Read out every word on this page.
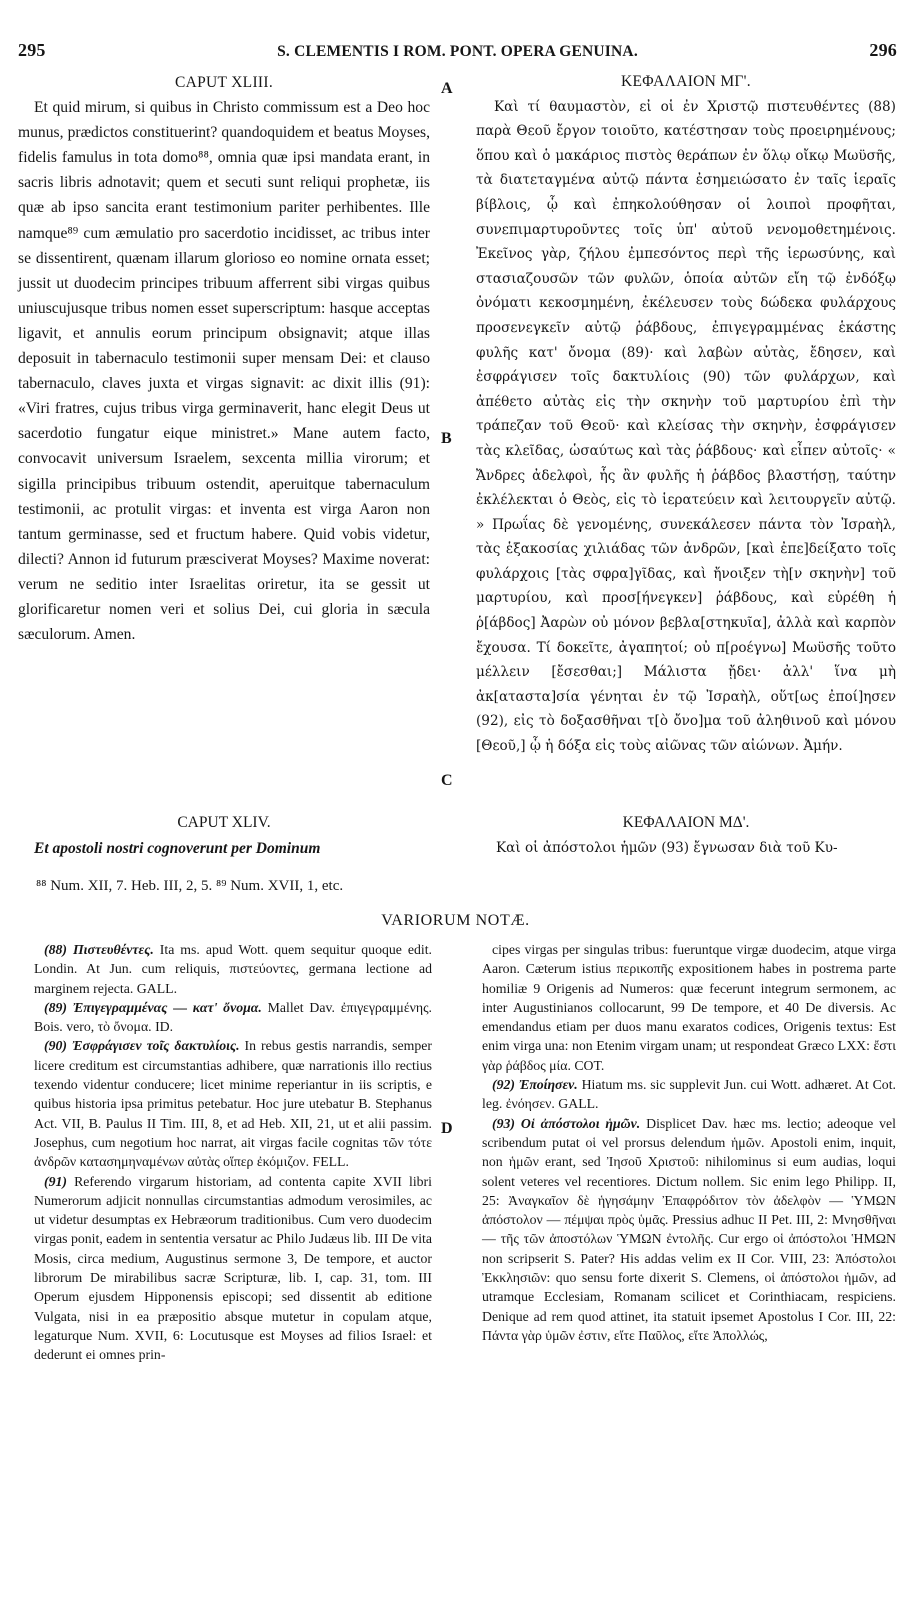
295	S. CLEMENTIS I ROM. PONT. OPERA GENUINA.	296
A
B
C
D

CAPUT XLIII.

Et quid mirum, si quibus in Christo commissum est a Deo hoc munus, prædictos constituerint? quandoquidem et beatus Moyses, fidelis famulus in tota domo⁸⁸, omnia quæ ipsi mandata erant, in sacris libris adnotavit; quem et secuti sunt reliqui prophetæ, iis quæ ab ipso sancita erant testimonium pariter perhibentes. Ille namque⁸⁹ cum æmulatio pro sacerdotio incidisset, ac tribus inter se dissentirent, quænam illarum glorioso eo nomine ornata esset; jussit ut duodecim principes tribuum afferrent sibi virgas quibus uniuscujusque tribus nomen esset superscriptum: hasque acceptas ligavit, et annulis eorum principum obsignavit; atque illas deposuit in tabernaculo testimonii super mensam Dei: et clauso tabernaculo, claves juxta et virgas signavit: ac dixit illis (91): «Viri fratres, cujus tribus virga germinaverit, hanc elegit Deus ut sacerdotio fungatur eique ministret.» Mane autem facto, convocavit universum Israelem, sexcenta millia virorum; et sigilla principibus tribuum ostendit, aperuitque tabernaculum testimonii, ac protulit virgas: et inventa est virga Aaron non tantum germinasse, sed et fructum habere. Quid vobis videtur, dilecti? Annon id futurum præsciverat Moyses? Maxime noverat: verum ne seditio inter Israelitas oriretur, ita se gessit ut glorificaretur nomen veri et solius Dei, cui gloria in sæcula sæculorum. Amen.

ΚΕΦΑΛΑΙΟΝ ΜΓ'.

Καὶ τί θαυμαστὸν, εἰ οἱ ἐν Χριστῷ πιστευθέντες (88) παρὰ Θεοῦ ἔργον τοιοῦτο, κατέστησαν τοὺς προειρημένους; ὅπου καὶ ὁ μακάριος πιστὸς θεράπων ἐν ὅλῳ οἴκῳ Μωϋσῆς, τὰ διατεταγμένα αὐτῷ πάντα ἐσημειώσατο ἐν ταῖς ἱεραῖς βίβλοις, ᾧ καὶ ἐπηκολούθησαν οἱ λοιποὶ προφῆται, συνεπιμαρτυροῦντες τοῖς ὑπ' αὐτοῦ νενομοθετημένοις. Ἐκεῖνος γὰρ, ζήλου ἐμπεσόντος περὶ τῆς ἱερωσύνης, καὶ στασιαζουσῶν τῶν φυλῶν, ὁποία αὐτῶν εἴη τῷ ἐνδόξῳ ὀνόματι κεκοσμημένη, ἐκέλευσεν τοὺς δώδεκα φυλάρχους προσενεγκεῖν αὐτῷ ῥάβδους, ἐπιγεγραμμένας ἑκάστης φυλῆς κατ' ὄνομα (89)· καὶ λαβὼν αὐτὰς, ἔδησεν, καὶ ἐσφράγισεν τοῖς δακτυλίοις (90) τῶν φυλάρχων, καὶ ἀπέθετο αὐτὰς εἰς τὴν σκηνὴν τοῦ μαρτυρίου ἐπὶ τὴν τράπεζαν τοῦ Θεοῦ· καὶ κλείσας τὴν σκηνὴν, ἐσφράγισεν τὰς κλεῖδας, ὡσαύτως καὶ τὰς ῥάβδους· καὶ εἶπεν αὐτοῖς· « Ἄνδρες ἀδελφοὶ, ἧς ἂν φυλῆς ἡ ῥάβδος βλαστήσῃ, ταύτην ἐκλέλεκται ὁ Θεὸς, εἰς τὸ ἱερατεύειν καὶ λειτουργεῖν αὐτῷ. » Πρωΐας δὲ γενομένης, συνεκάλεσεν πάντα τὸν Ἰσραὴλ, τὰς ἑξακοσίας χιλιάδας τῶν ἀνδρῶν, [καὶ ἐπε]δείξατο τοῖς φυλάρχοις [τὰς σφρα]γῖδας, καὶ ἤνοιξεν τὴ[ν σκηνὴν] τοῦ μαρτυρίου, καὶ προσ[ήνεγκεν] ῥάβδους, καὶ εὑρέθη ἡ ῥ[άβδος] Ἀαρὼν οὐ μόνον βεβλα[στηκυῖα], ἀλλὰ καὶ καρπὸν ἔχουσα. Τί δοκεῖτε, ἀγαπητοί; οὐ π[ροέγνω] Μωϋσῆς τοῦτο μέλλειν [ἔσεσθαι;] Μάλιστα ᾔδει· ἀλλ' ἵνα μὴ ἀκ[αταστα]σία γένηται ἐν τῷ Ἰσραὴλ, οὕτ[ως ἐποί]ησεν (92), εἰς τὸ δοξασθῆναι τ[ὸ ὄνο]μα τοῦ ἀληθινοῦ καὶ μόνου [Θεοῦ,] ᾧ ἡ δόξα εἰς τοὺς αἰῶνας τῶν αἰώνων. Ἀμήν.

CAPUT XLIV.	ΚΕΦΑΛΑΙΟΝ ΜΔ'.
Et apostoli nostri cognoverunt per Dominum	Καὶ οἱ ἀπόστολοι ἡμῶν (93) ἔγνωσαν διὰ τοῦ Κυ-
⁸⁸ Num. XII, 7. Heb. III, 2, 5. ⁸⁹ Num. XVII, 1, etc.
VARIORUM NOTÆ.

(88) Πιστευθέντες. Ita ms. apud Wott. quem sequitur quoque edit. Londin. At Jun. cum reliquis, πιστεύοντες, germana lectione ad marginem rejecta. GALL.

(89) Ἐπιγεγραμμένας — κατ' ὄνομα. Mallet Dav. ἐπιγεγραμμένης. Bois. vero, τὸ ὄνομα. ID.

(90) Ἐσφράγισεν τοῖς δακτυλίοις. In rebus gestis narrandis, semper licere creditum est circumstantias adhibere, quæ narrationis illo rectius texendo videntur conducere; licet minime reperiantur in iis scriptis, e quibus historia ipsa primitus petebatur. Hoc jure utebatur B. Stephanus Act. VII, B. Paulus II Tim. III, 8, et ad Heb. XII, 21, ut et alii passim. Josephus, cum negotium hoc narrat, ait virgas facile cognitas τῶν τότε ἀνδρῶν κατασημηναμένων αὐτὰς οἵπερ ἐκόμιζον. FELL.

(91) Referendo virgarum historiam, ad contenta capite XVII libri Numerorum adjicit nonnullas circumstantias admodum verosimiles, ac ut videtur desumptas ex Hebræorum traditionibus. Cum vero duodecim virgas ponit, eadem in sententia versatur ac Philo Judæus lib. III De vita Mosis, circa medium, Augustinus sermone 3, De tempore, et auctor librorum De mirabilibus sacræ Scripturæ, lib. I, cap. 31, tom. III Operum ejusdem Hipponensis episcopi; sed dissentit ab editione Vulgata, nisi in ea præpositio absque mutetur in copulam atque, legaturque Num. XVII, 6: Locutusque est Moyses ad filios Israel: et dederunt ei omnes prin-

cipes virgas per singulas tribus: fueruntque virgæ duodecim, atque virga Aaron. Cæterum istius περικοπῆς expositionem habes in postrema parte homiliæ 9 Origenis ad Numeros: quæ fecerunt integrum sermonem, ac inter Augustinianos collocarunt, 99 De tempore, et 40 De diversis. Ac emendandus etiam per duos manu exaratos codices, Origenis textus: Est enim virga una: non Etenim virgam unam; ut respondeat Græco LXX: ἔστι γὰρ ῥάβδος μία. COT.

(92) Ἐποίησεν. Hiatum ms. sic supplevit Jun. cui Wott. adhæret. At Cot. leg. ἐνόησεν. GALL.

(93) Οἱ ἀπόστολοι ἡμῶν. Displicet Dav. hæc ms. lectio; adeoque vel scribendum putat οἱ vel prorsus delendum ἡμῶν. Apostoli enim, inquit, non ἡμῶν erant, sed Ἰησοῦ Χριστοῦ: nihilominus si eum audias, loqui solent veteres vel recentiores. Dictum nollem. Sic enim lego Philipp. II, 25: Ἀναγκαῖον δὲ ἡγησάμην Ἐπαφρόδιτον τὸν ἀδελφὸν — ὙΜΩΝ ἀπόστολον — πέμψαι πρὸς ὑμᾶς. Pressius adhuc II Pet. III, 2: Μνησθῆναι — τῆς τῶν ἀποστόλων ὙΜΩΝ ἐντολῆς. Cur ergo οἱ ἀπόστολοι ἩΜΩΝ non scripserit S. Pater? His addas velim ex II Cor. VIII, 23: Ἀπόστολοι Ἐκκλησιῶν: quo sensu forte dixerit S. Clemens, οἱ ἀπόστολοι ἡμῶν, ad utramque Ecclesiam, Romanam scilicet et Corinthiacam, respiciens. Denique ad rem quod attinet, ita statuit ipsemet Apostolus I Cor. III, 22: Πάντα γὰρ ὑμῶν ἐστιν, εἴτε Παῦλος, εἴτε Ἀπολλώς,
